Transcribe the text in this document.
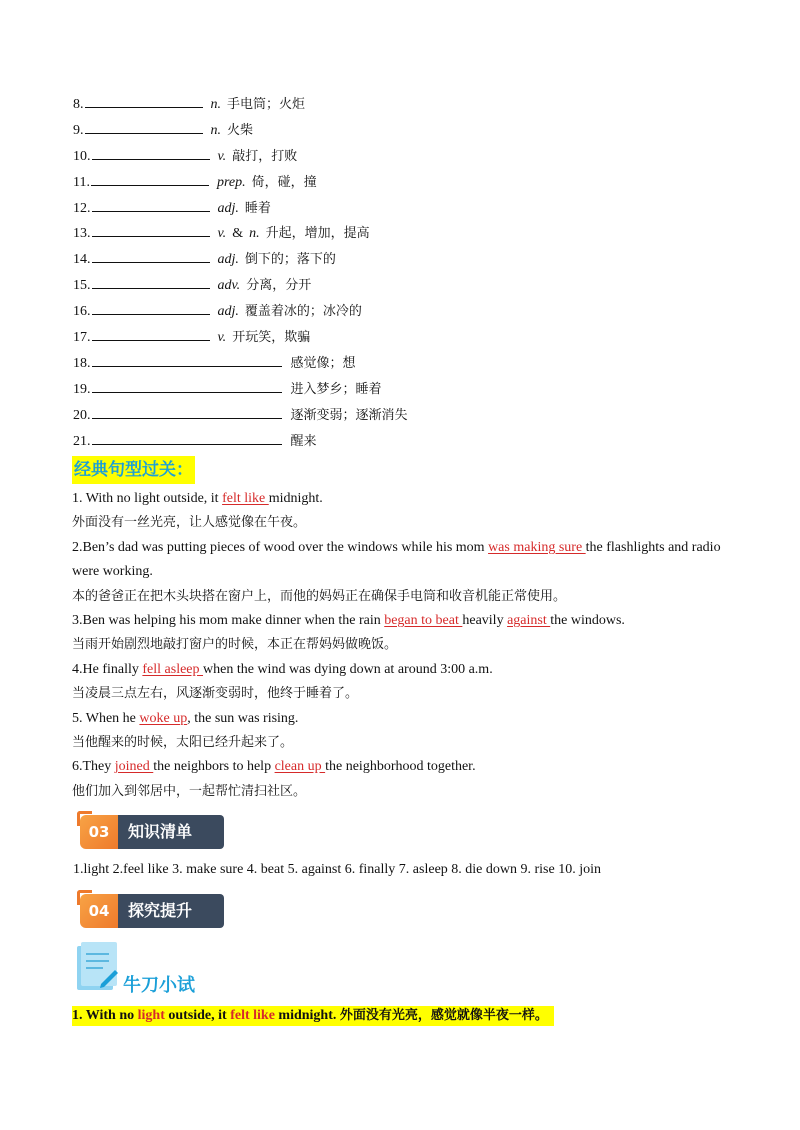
8.	n. 手电筒；火炬
9.	n. 火柴
10.	v. 敲打，打败
11.	prep. 倚，碰，撞
12.	adj. 睡着
13.	v. & n. 升起，增加，提高
14.	adj. 倒下的；落下的
15.	adv. 分离，分开
16.	adj. 覆盖着冰的；冰冷的
17.	v. 开玩笑，欺骗
18.	感觉像；想
19.	进入梦乡；睡着
20.	逐渐变弱；逐渐消失
21.	醒来
经典句型过关：
1. With no light outside, it felt like midnight.
外面没有一丝光亮，让人感觉像在午夜。
2.Ben’s dad was putting pieces of wood over the windows while his mom was making sure the flashlights and radio
were working.
本的爸爸正在把木头块搭在窗户上，而他的妈妈正在确保手电筒和收音机能正常使用。
3.Ben was helping his mom make dinner when the rain began to beat heavily against the windows.
当雨开始剧烈地敲打窗户的时候，本正在帮妈妈做晚饭。
4.He finally fell asleep when the wind was dying down at around 3:00 a.m.
当凌晨三点左右，风逐渐变弱时，他终于睡着了。
5. When he woke up, the sun was rising.
当他醒来的时候，太阳已经升起来了。
6.They joined the neighbors to help clean up the neighborhood together.
他们加入到邻居中，一起帮忙清扫社区。
知识清单
03
1.light 2.feel like 3. make sure 4. beat 5. against 6. finally 7. asleep 8. die down 9. rise 10. join
探究提升
04
牛刀小试
1. With no light outside, it felt like midnight. 外面没有光亮，感觉就像半夜一样。
